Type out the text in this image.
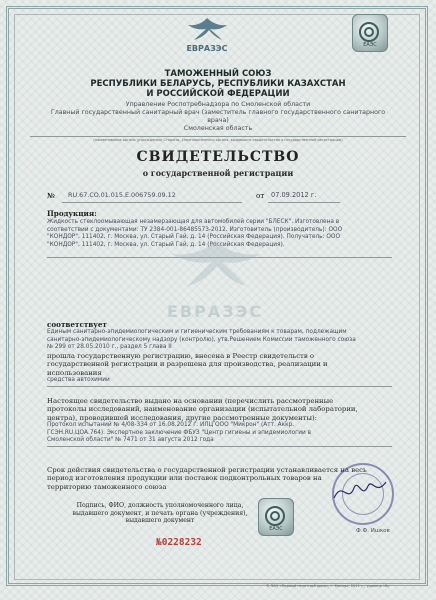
ЕВРАЗЭС	ЕАЭС
ТАМОЖЕННЫЙ СОЮЗ
РЕСПУБЛИКИ БЕЛАРУСЬ, РЕСПУБЛИКИ КАЗАХСТАН
И РОССИЙСКОЙ ФЕДЕРАЦИИ
Управление Роспотребнадзора по Смоленской области
Главный государственный санитарный врач (заместитель главного государственного санитарного
врача)
Смоленская область
(наименование органа (учреждения) Стороны, уполномоченного органа, выдавшего свидетельство о государственной регистрации)
СВИДЕТЕЛЬСТВО
о государственной регистрации
№ RU.67.CO.01.015.E.006759.09.12	от 07.09.2012 г.
Продукция:
Жидкость стеклоомывающая незамерзающая для автомобилей серии "БЛЕСК". Изготовлена в
соответствии с документами: ТУ 2384-001-86485573-2012. Изготовитель (производитель): ООО
"КОНДОР", 111402, г. Москва, ул. Старый Гай, д. 14 (Российская Федерация). Получатель: ООО
"КОНДОР", 111402, г. Москва, ул. Старый Гай, д. 14 (Российская Федерация).
ЕВРАЗЭС
соответствует
Единым санитарно-эпидемиологическим и гигиеническим требованиям к товарам, подлежащим
санитарно-эпидемиологическому надзору (контролю), утв.Решением Комиссии таможенного союза
№ 299 от 28.05.2010 г., раздел 5 глава II
прошла государственную регистрацию, внесена в Реестр свидетельств о
государственной регистрации и разрешена для производства, реализации и
использования
средства автохимии
Настоящее свидетельство выдано на основании (перечислить рассмотренные
протоколы исследований, наименование организации (испытательной лаборатории,
центра), проводившей исследования, другие рассмотренные документы):
Протокол испытаний № 4/08-334 от 16.08.2012 г. ИЛЦ ООО "Микрон" (Атт. Аккр.
ГСЭН.RU.ЦОА.764). Экспертное заключение ФБУЗ "Центр гигиены и эпидемиологии в
Смоленской области" № 7471 от 31 августа 2012 года
Срок действия свидетельства о государственной регистрации устанавливается на весь
период изготовления продукции или поставок подконтрольных товаров на
территорию таможенного союза
Подпись, ФИО, должность уполномоченного лица,
выдавшего документ, и печать органа (учреждения),
выдавшего документ
ЕАЭС	Ф.Ф. Ишков
№0228232
© ЗАО «Первый печатный двор», г. Москва, 2011 г., уровень «В»
